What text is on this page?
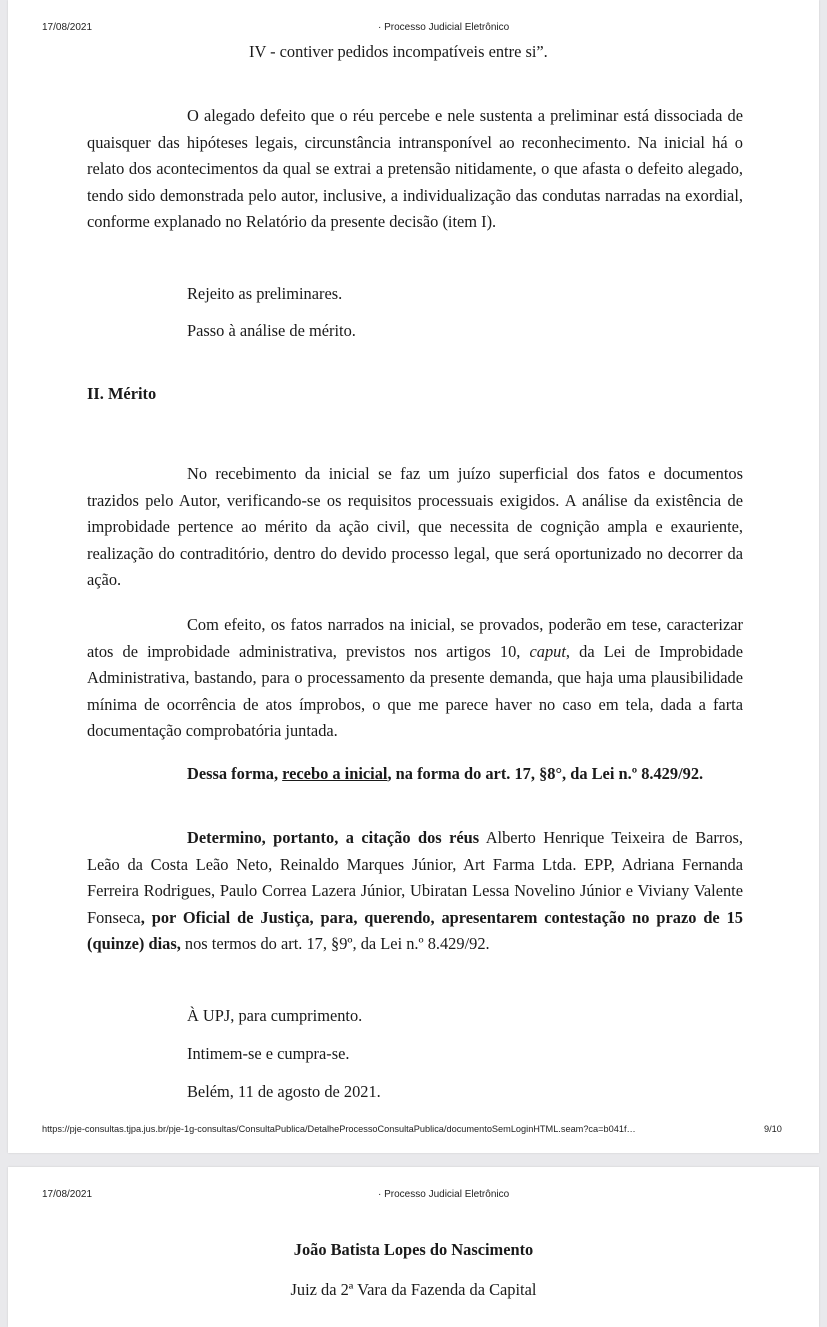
17/08/2021	· Processo Judicial Eletrônico
IV - contiver pedidos incompatíveis entre si”.

O alegado defeito que o réu percebe e nele sustenta a preliminar está dissociada de quaisquer das hipóteses legais, circunstância intransponível ao reconhecimento. Na inicial há o relato dos acontecimentos da qual se extrai a pretensão nitidamente, o que afasta o defeito alegado, tendo sido demonstrada pelo autor, inclusive, a individualização das condutas narradas na exordial, conforme explanado no Relatório da presente decisão (item I).

Rejeito as preliminares.

Passo à análise de mérito.

II. Mérito

No recebimento da inicial se faz um juízo superficial dos fatos e documentos trazidos pelo Autor, verificando-se os requisitos processuais exigidos. A análise da existência de improbidade pertence ao mérito da ação civil, que necessita de cognição ampla e exauriente, realização do contraditório, dentro do devido processo legal, que será oportunizado no decorrer da ação.

Com efeito, os fatos narrados na inicial, se provados, poderão em tese, caracterizar atos de improbidade administrativa, previstos nos artigos 10, caput, da Lei de Improbidade Administrativa, bastando, para o processamento da presente demanda, que haja uma plausibilidade mínima de ocorrência de atos ímprobos, o que me parece haver no caso em tela, dada a farta documentação comprobatória juntada.

Dessa forma, recebo a inicial, na forma do art. 17, §8°, da Lei n.º 8.429/92.

Determino, portanto, a citação dos réus Alberto Henrique Teixeira de Barros, Leão da Costa Leão Neto, Reinaldo Marques Júnior, Art Farma Ltda. EPP, Adriana Fernanda Ferreira Rodrigues, Paulo Correa Lazera Júnior, Ubiratan Lessa Novelino Júnior e Viviany Valente Fonseca, por Oficial de Justiça, para, querendo, apresentarem contestação no prazo de 15 (quinze) dias, nos termos do art. 17, §9º, da Lei n.º 8.429/92.

À UPJ, para cumprimento.

Intimem-se e cumpra-se.

Belém, 11 de agosto de 2021.

https://pje-consultas.tjpa.jus.br/pje-1g-consultas/ConsultaPublica/DetalheProcessoConsultaPublica/documentoSemLoginHTML.seam?ca=b041f…	9/10
17/08/2021	· Processo Judicial Eletrônico
João Batista Lopes do Nascimento
Juiz da 2ª Vara da Fazenda da Capital
